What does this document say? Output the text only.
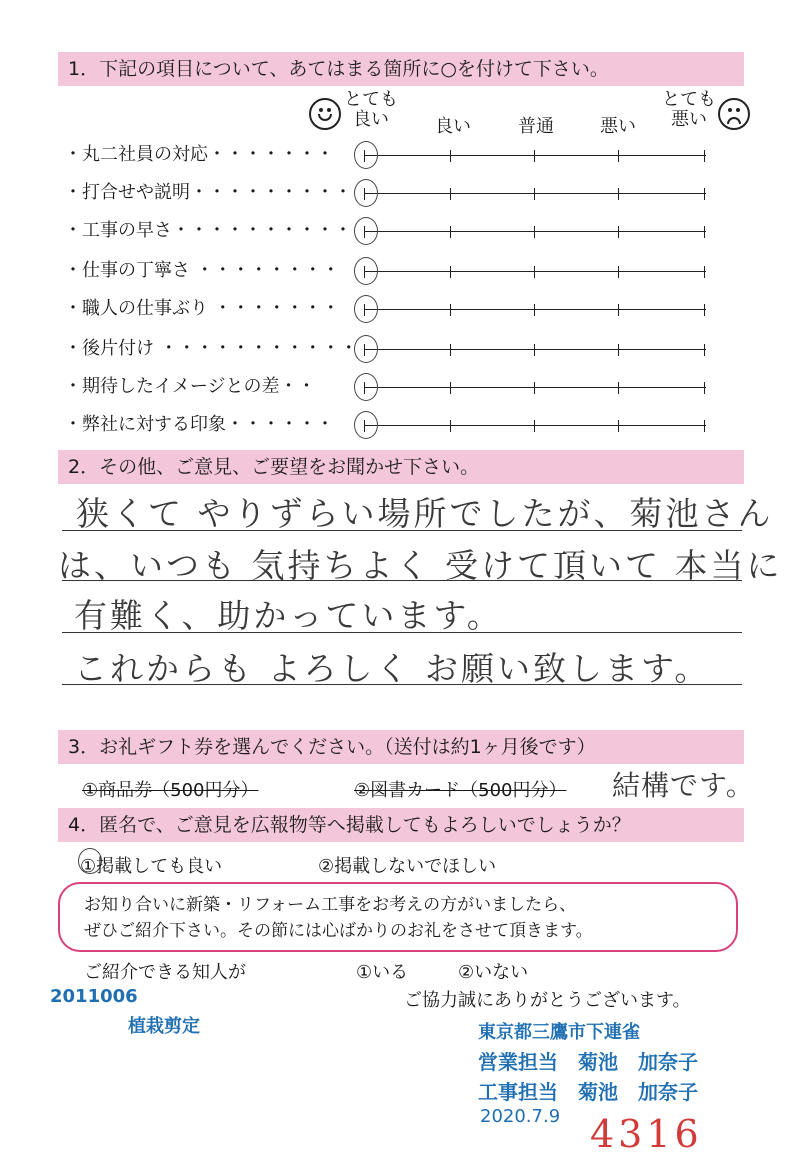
1．下記の項目について、あてはまる箇所に○を付けて下さい。
とても
良い	良い	普通	悪い
とても
悪い
・丸二社員の対応・・・・・・・
・打合せや説明・・・・・・・・・
・工事の早さ・・・・・・・・・・
・仕事の丁寧さ ・・・・・・・・
・職人の仕事ぶり ・・・・・・・
・後片付け ・・・・・・・・・・・
・期待したイメージとの差・・
・弊社に対する印象・・・・・・
2．その他、ご意見、ご要望をお聞かせ下さい。
狭くて やりずらい場所でしたが、菊池さん
は、いつも 気持ちよく 受けて頂いて 本当に
有難く、助かっています。
これからも よろしく お願い致します。
3．お礼ギフト券を選んでください。（送付は約1ヶ月後です）
①商品券（500円分）	②図書カード（500円分） 結構です。
4．匿名で、ご意見を広報物等へ掲載してもよろしいでしょうか？
①掲載しても良い	②掲載しないでほしい
お知り合いに新築・リフォーム工事をお考えの方がいましたら、
ぜひご紹介下さい。その節には心ばかりのお礼をさせて頂きます。
ご紹介できる知人が	①いる	②いない
ご協力誠にありがとうございます。
2011006
植栽剪定	東京都三鷹市下連雀
営業担当　菊池　加奈子
工事担当　菊池　加奈子
2020.7.9 4316
